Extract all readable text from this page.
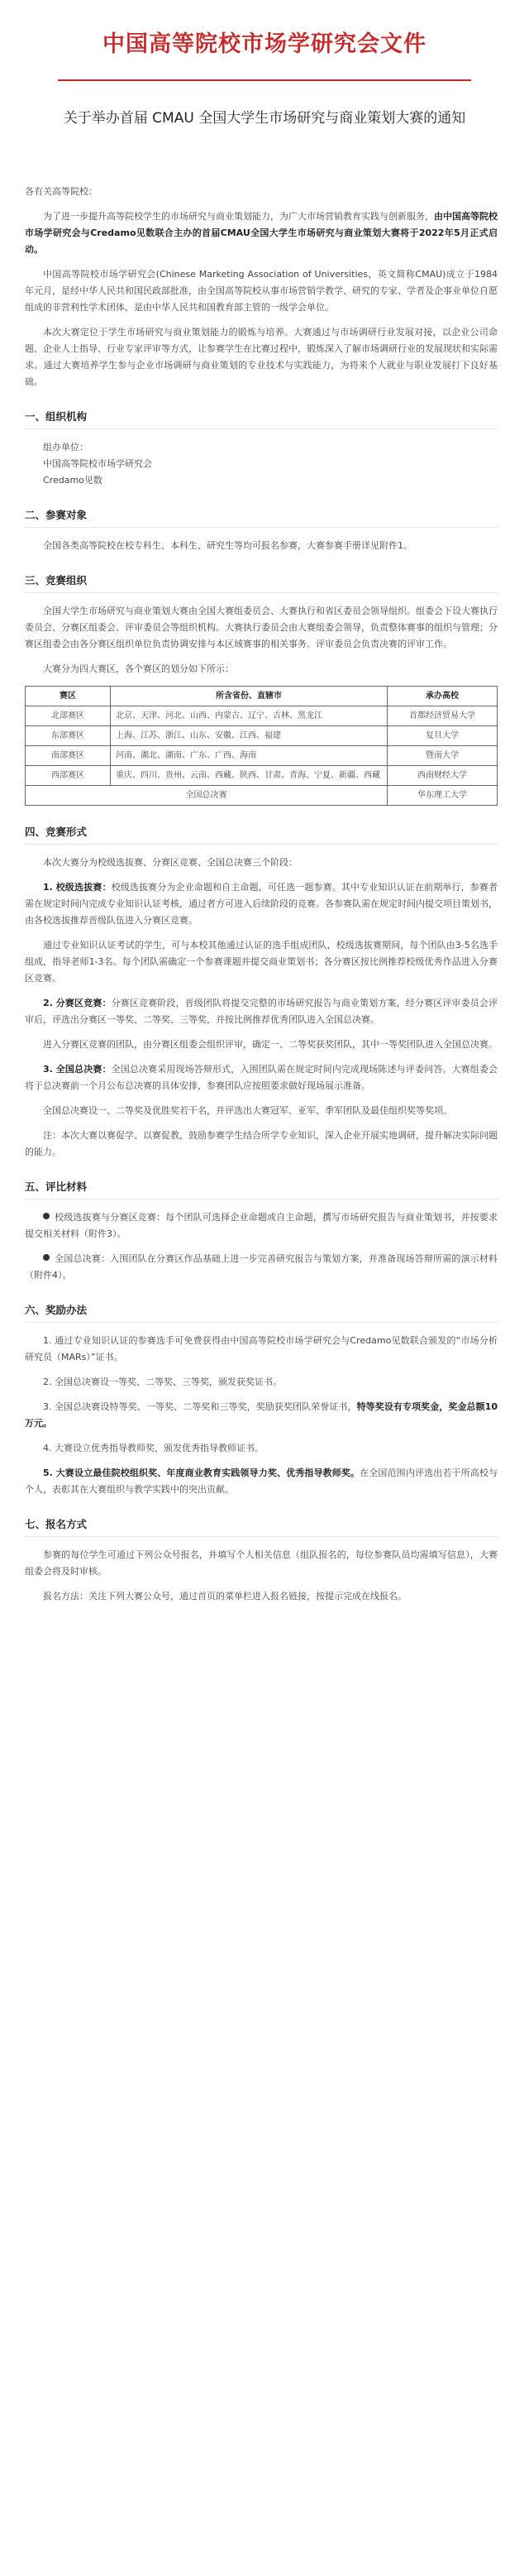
中国高等院校市场学研究会文件
关于举办首届 CMAU 全国大学生市场研究与商业策划大赛的通知

各有关高等院校：

为了进一步提升高等院校学生的市场研究与商业策划能力，为广大市场营销教育实践与创新服务，由中国高等院校市场学研究会与Credamo见数联合主办的首届CMAU全国大学生市场研究与商业策划大赛将于2022年5月正式启动。

中国高等院校市场学研究会(Chinese Marketing Association of Universities，英文简称CMAU)成立于1984年元月，是经中华人民共和国民政部批准，由全国高等院校从事市场营销学教学、研究的专家、学者及企事业单位自愿组成的非营利性学术团体，是由中华人民共和国教育部主管的一级学会单位。

本次大赛定位于学生市场研究与商业策划能力的锻炼与培养。大赛通过与市场调研行业发展对接，以企业公司命题、企业人士指导、行业专家评审等方式，让参赛学生在比赛过程中，锻炼深入了解市场调研行业的发展现状和实际需求。通过大赛培养学生参与企业市场调研与商业策划的专业技术与实践能力，为将来个人就业与职业发展打下良好基础。

一、组织机构

组办单位：

中国高等院校市场学研究会

Credamo见数

二、参赛对象

全国各类高等院校在校专科生、本科生、研究生等均可报名参赛，大赛参赛手册详见附件1。

三、竞赛组织

全国大学生市场研究与商业策划大赛由全国大赛组委员会、大赛执行和省区委员会领导组织。组委会下设大赛执行委员会、分赛区组委会、评审委员会等组织机构。大赛执行委员会由大赛组委会领导，负责整体赛事的组织与管理；分赛区组委会由各分赛区组织单位负责协调安排与本区域赛事的相关事务。评审委员会负责决赛的评审工作。

大赛分为四大赛区，各个赛区的划分如下所示：

赛区	所含省份、直辖市	承办高校
北部赛区	北京、天津、河北、山西、内蒙古、辽宁、吉林、黑龙江	首都经济贸易大学
东部赛区	上海、江苏、浙江、山东、安徽、江西、福建	复旦大学
南部赛区	河南、湖北、湖南、广东、广西、海南	暨南大学
西部赛区	重庆、四川、贵州、云南、西藏、陕西、甘肃、青海、宁夏、新疆、西藏	西南财经大学
全国总决赛		华东理工大学
四、竞赛形式

本次大赛分为校级选拔赛、分赛区竞赛、全国总决赛三个阶段：

1. 校级选拔赛：校级选拔赛分为企业命题和自主命题，可任选一题参赛。其中专业知识认证在前期举行，参赛者需在规定时间内完成专业知识认证考核，通过者方可进入后续阶段的竞赛。各参赛队需在规定时间内提交项目策划书，由各校选拔推荐晋级队伍进入分赛区竞赛。

通过专业知识认证考试的学生，可与本校其他通过认证的选手组成团队，校级选拔赛期间，每个团队由3-5名选手组成，指导老师1-3名。每个团队需确定一个参赛课题并提交商业策划书；各分赛区按比例推荐校级优秀作品进入分赛区竞赛。

2. 分赛区竞赛：分赛区竞赛阶段，晋级团队将提交完整的市场研究报告与商业策划方案，经分赛区评审委员会评审后，评选出分赛区一等奖、二等奖、三等奖，并按比例推荐优秀团队进入全国总决赛。

进入分赛区竞赛的团队，由分赛区组委会组织评审，确定一、二等奖获奖团队，其中一等奖团队进入全国总决赛。

3. 全国总决赛：全国总决赛采用现场答辩形式，入围团队需在规定时间内完成现场陈述与评委问答。大赛组委会将于总决赛前一个月公布总决赛的具体安排，参赛团队应按照要求做好现场展示准备。

全国总决赛设一、二等奖及优胜奖若干名，并评选出大赛冠军、亚军、季军团队及最佳组织奖等奖项。

注：本次大赛以赛促学、以赛促教，鼓励参赛学生结合所学专业知识，深入企业开展实地调研，提升解决实际问题的能力。

五、评比材料

校级选拔赛与分赛区竞赛：每个团队可选择企业命题或自主命题，撰写市场研究报告与商业策划书，并按要求提交相关材料（附件3）。

全国总决赛：入围团队在分赛区作品基础上进一步完善研究报告与策划方案，并准备现场答辩所需的演示材料（附件4）。

六、奖励办法

1. 通过专业知识认证的参赛选手可免费获得由中国高等院校市场学研究会与Credamo见数联合颁发的“市场分析研究员（MARs）”证书。

2. 全国总决赛设一等奖、二等奖、三等奖，颁发获奖证书。

3. 全国总决赛设特等奖、一等奖、二等奖和三等奖，奖励获奖团队荣誉证书，特等奖设有专项奖金，奖金总额10万元。

4. 大赛设立优秀指导教师奖，颁发优秀指导教师证书。

5. 大赛设立最佳院校组织奖、年度商业教育实践领导力奖、优秀指导教师奖。在全国范围内评选出若干所高校与个人，表彰其在大赛组织与教学实践中的突出贡献。

七、报名方式

参赛的每位学生可通过下列公众号报名，并填写个人相关信息（组队报名的，每位参赛队员均需填写信息），大赛组委会将及时审核。

报名方法：关注下列大赛公众号，通过首页的菜单栏进入报名链接，按提示完成在线报名。
